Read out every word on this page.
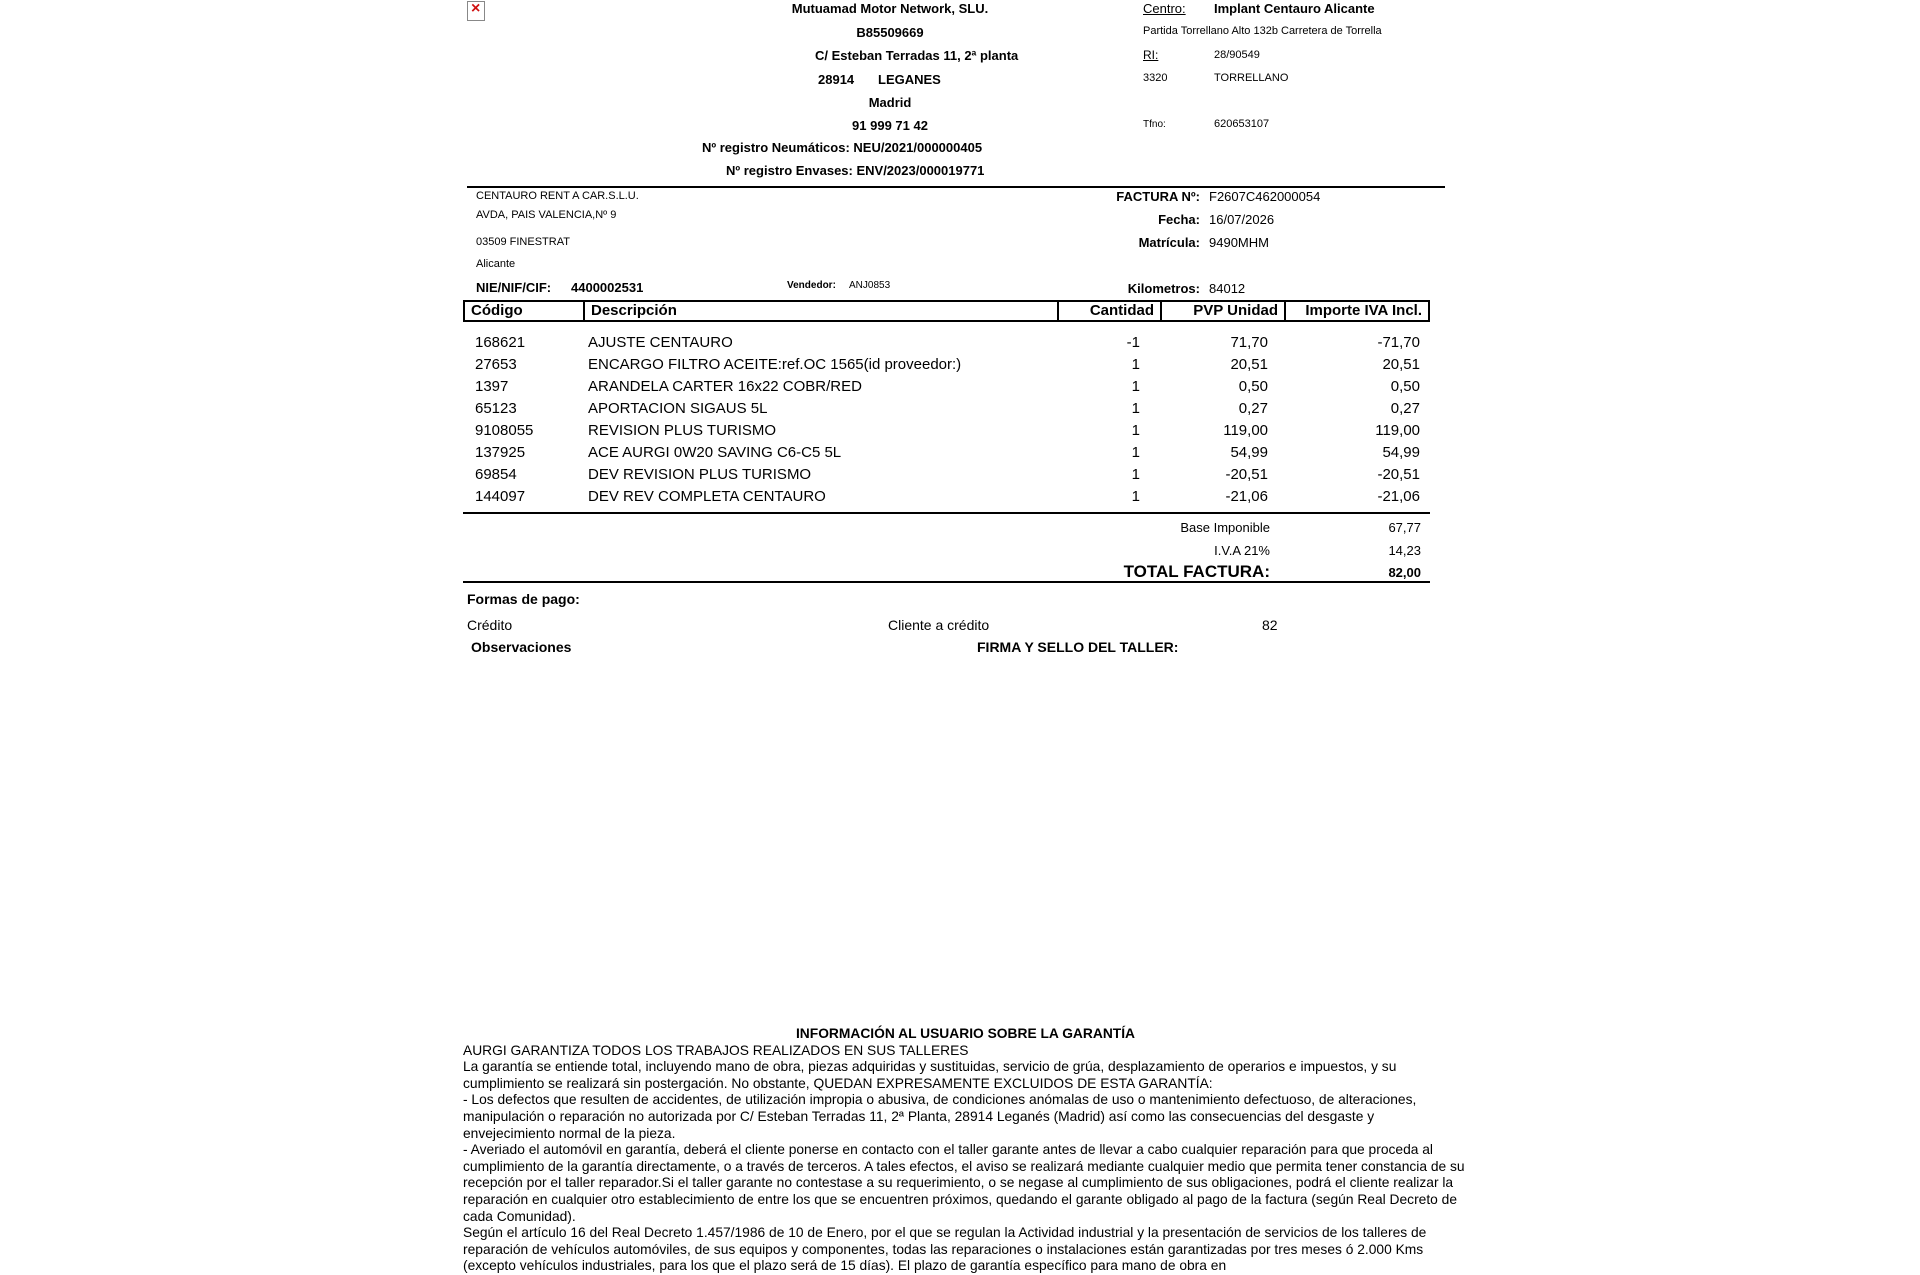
×
Mutuamad Motor Network, SLU.
B85509669
C/ Esteban Terradas 11, 2ª planta
28914 LEGANES
Madrid
91 999 71 42
Nº registro Neumáticos: NEU/2021/000000405
Nº registro Envases: ENV/2023/000019771
Centro: Implant Centauro Alicante
Partida Torrellano Alto 132b Carretera de Torrella
RI:	28/90549
3320	TORRELLANO
Tfno:	620653107
CENTAURO RENT A CAR.S.L.U.
AVDA, PAIS VALENCIA,Nº 9
03509 FINESTRAT
Alicante
NIE/NIF/CIF: 4400002531	Vendedor: ANJ0853
FACTURA Nº: F2607C462000054
Fecha: 16/07/2026
Matrícula: 9490MHM
Kilometros: 84012
Código	Descripción	Cantidad	PVP Unidad	Importe IVA Incl.
168621	AJUSTE CENTAURO	-1	71,70	-71,70
27653	ENCARGO FILTRO ACEITE:ref.OC 1565(id proveedor:)	1	20,51	20,51
1397	ARANDELA CARTER 16x22 COBR/RED	1	0,50	0,50
65123	APORTACION SIGAUS 5L	1	0,27	0,27
9108055	REVISION PLUS TURISMO	1	119,00	119,00
137925	ACE AURGI 0W20 SAVING C6-C5 5L	1	54,99	54,99
69854	DEV REVISION PLUS TURISMO	1	-20,51	-20,51
144097	DEV REV COMPLETA CENTAURO	1	-21,06	-21,06
Base Imponible	67,77
I.V.A 21%	14,23
TOTAL FACTURA:	82,00
Formas de pago:
Crédito	Cliente a crédito	82
Observaciones	FIRMA Y SELLO DEL TALLER:

INFORMACIÓN AL USUARIO SOBRE LA GARANTÍA

AURGI GARANTIZA TODOS LOS TRABAJOS REALIZADOS EN SUS TALLERES

La garantía se entiende total, incluyendo mano de obra, piezas adquiridas y sustituidas, servicio de grúa, desplazamiento de operarios e impuestos, y su cumplimiento se realizará sin postergación. No obstante, QUEDAN EXPRESAMENTE EXCLUIDOS DE ESTA GARANTÍA:

- Los defectos que resulten de accidentes, de utilización impropia o abusiva, de condiciones anómalas de uso o mantenimiento defectuoso, de alteraciones, manipulación o reparación no autorizada por C/ Esteban Terradas 11, 2ª Planta, 28914 Leganés (Madrid) así como las consecuencias del desgaste y envejecimiento normal de la pieza.

- Averiado el automóvil en garantía, deberá el cliente ponerse en contacto con el taller garante antes de llevar a cabo cualquier reparación para que proceda al cumplimiento de la garantía directamente, o a través de terceros. A tales efectos, el aviso se realizará mediante cualquier medio que permita tener constancia de su recepción por el taller reparador.Si el taller garante no contestase a su requerimiento, o se negase al cumplimiento de sus obligaciones, podrá el cliente realizar la reparación en cualquier otro establecimiento de entre los que se encuentren próximos, quedando el garante obligado al pago de la factura (según Real Decreto de cada Comunidad).

Según el artículo 16 del Real Decreto 1.457/1986 de 10 de Enero, por el que se regulan la Actividad industrial y la presentación de servicios de los talleres de reparación de vehículos automóviles, de sus equipos y componentes, todas las reparaciones o instalaciones están garantizadas por tres meses ó 2.000 Kms (excepto vehículos industriales, para los que el plazo será de 15 días). El plazo de garantía específico para mano de obra en
